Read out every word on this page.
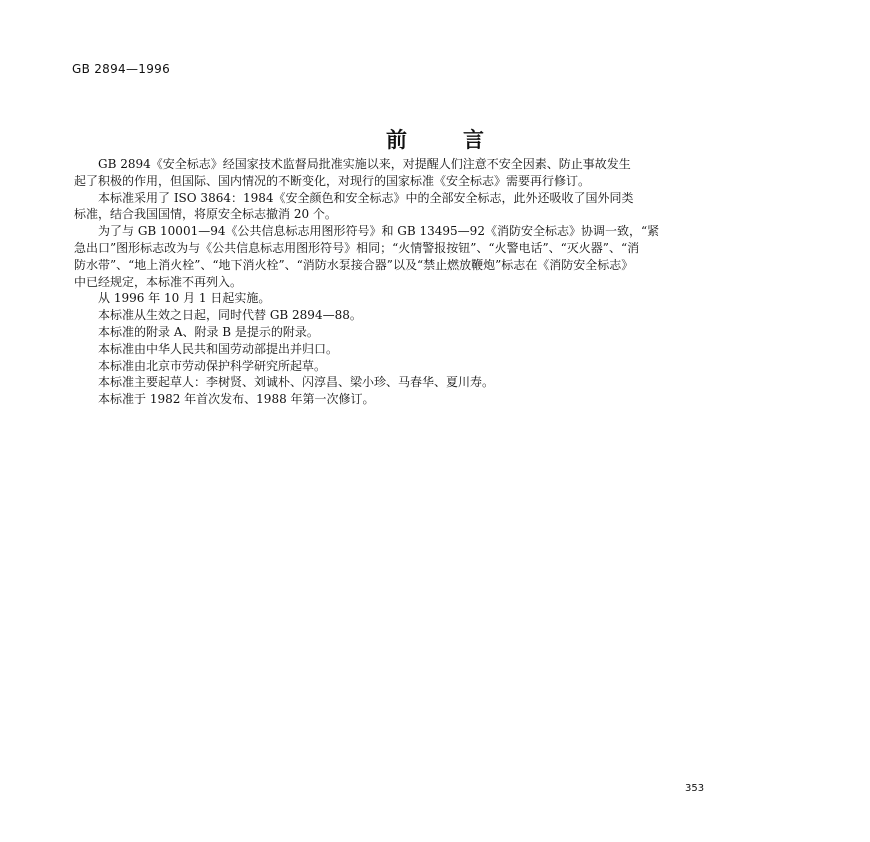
GB 2894—1996
前言

GB 2894《安全标志》经国家技术监督局批准实施以来，对提醒人们注意不安全因素、防止事故发生
起了积极的作用，但国际、国内情况的不断变化，对现行的国家标准《安全标志》需要再行修订。

本标准采用了 ISO 3864：1984《安全颜色和安全标志》中的全部安全标志，此外还吸收了国外同类
标准，结合我国国情，将原安全标志撤消 20 个。

为了与 GB 10001—94《公共信息标志用图形符号》和 GB 13495—92《消防安全标志》协调一致，“紧
急出口”图形标志改为与《公共信息标志用图形符号》相同；“火情警报按钮”、“火警电话”、“灭火器”、“消
防水带”、“地上消火栓”、“地下消火栓”、“消防水泵接合器”以及“禁止燃放鞭炮”标志在《消防安全标志》
中已经规定，本标准不再列入。

从 1996 年 10 月 1 日起实施。

本标准从生效之日起，同时代替 GB 2894—88。

本标准的附录 A、附录 B 是提示的附录。

本标准由中华人民共和国劳动部提出并归口。

本标准由北京市劳动保护科学研究所起草。

本标准主要起草人：李树贤、刘诚朴、闪淳昌、梁小珍、马春华、夏川寿。

本标准于 1982 年首次发布、1988 年第一次修订。

353
